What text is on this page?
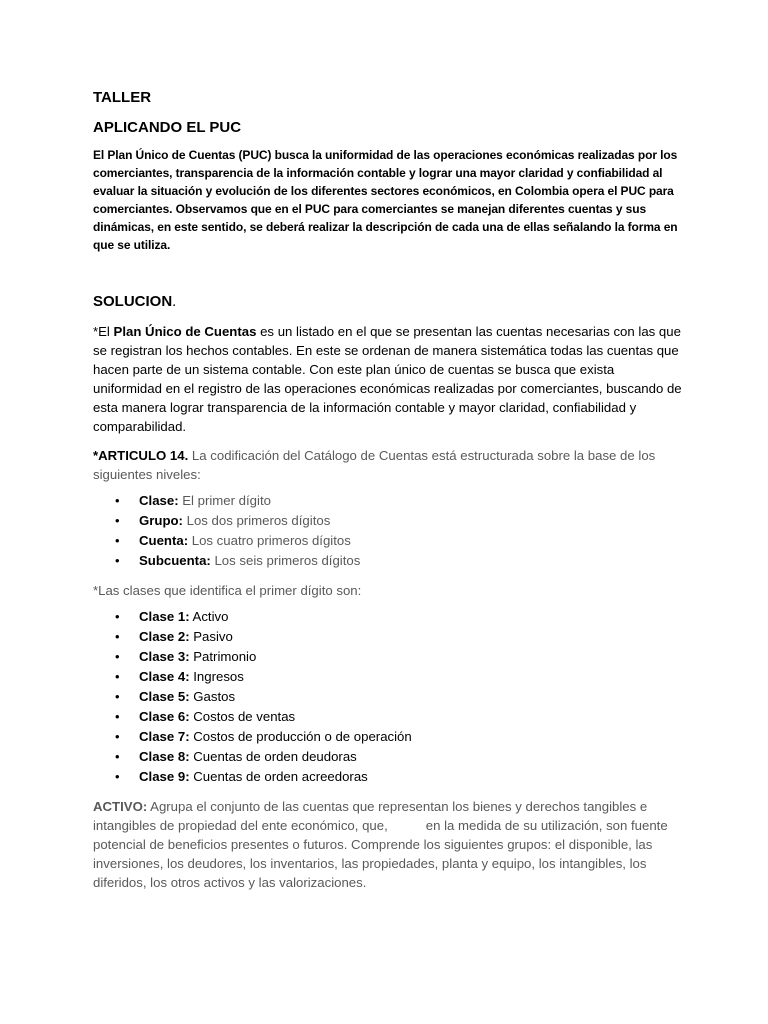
TALLER

APLICANDO EL PUC

El Plan Único de Cuentas (PUC) busca la uniformidad de las operaciones económicas realizadas por los comerciantes, transparencia de la información contable y lograr una mayor claridad y confiabilidad al evaluar la situación y evolución de los diferentes sectores económicos, en Colombia opera el PUC para comerciantes. Observamos que en el PUC para comerciantes se manejan diferentes cuentas y sus dinámicas, en este sentido, se deberá realizar la descripción de cada una de ellas señalando la forma en que se utiliza.

SOLUCION.

*El Plan Único de Cuentas es un listado en el que se presentan las cuentas necesarias con las que se registran los hechos contables. En este se ordenan de manera sistemática todas las cuentas que hacen parte de un sistema contable. Con este plan único de cuentas se busca que exista uniformidad en el registro de las operaciones económicas realizadas por comerciantes, buscando de esta manera lograr transparencia de la información contable y mayor claridad, confiabilidad y comparabilidad.

*ARTICULO 14. La codificación del Catálogo de Cuentas está estructurada sobre la base de los siguientes niveles:

• Clase: El primer dígito
• Grupo: Los dos primeros dígitos
• Cuenta: Los cuatro primeros dígitos
• Subcuenta: Los seis primeros dígitos

*Las clases que identifica el primer dígito son:

• Clase 1: Activo
• Clase 2: Pasivo
• Clase 3: Patrimonio
• Clase 4: Ingresos
• Clase 5: Gastos
• Clase 6: Costos de ventas
• Clase 7: Costos de producción o de operación
• Clase 8: Cuentas de orden deudoras
• Clase 9: Cuentas de orden acreedoras

ACTIVO: Agrupa el conjunto de las cuentas que representan los bienes y derechos tangibles e intangibles de propiedad del ente económico, que,	en la medida de su utilización, son fuente potencial de beneficios presentes o futuros. Comprende los siguientes grupos: el disponible, las inversiones, los deudores, los inventarios, las propiedades, planta y equipo, los intangibles, los diferidos, los otros activos y las valorizaciones.
